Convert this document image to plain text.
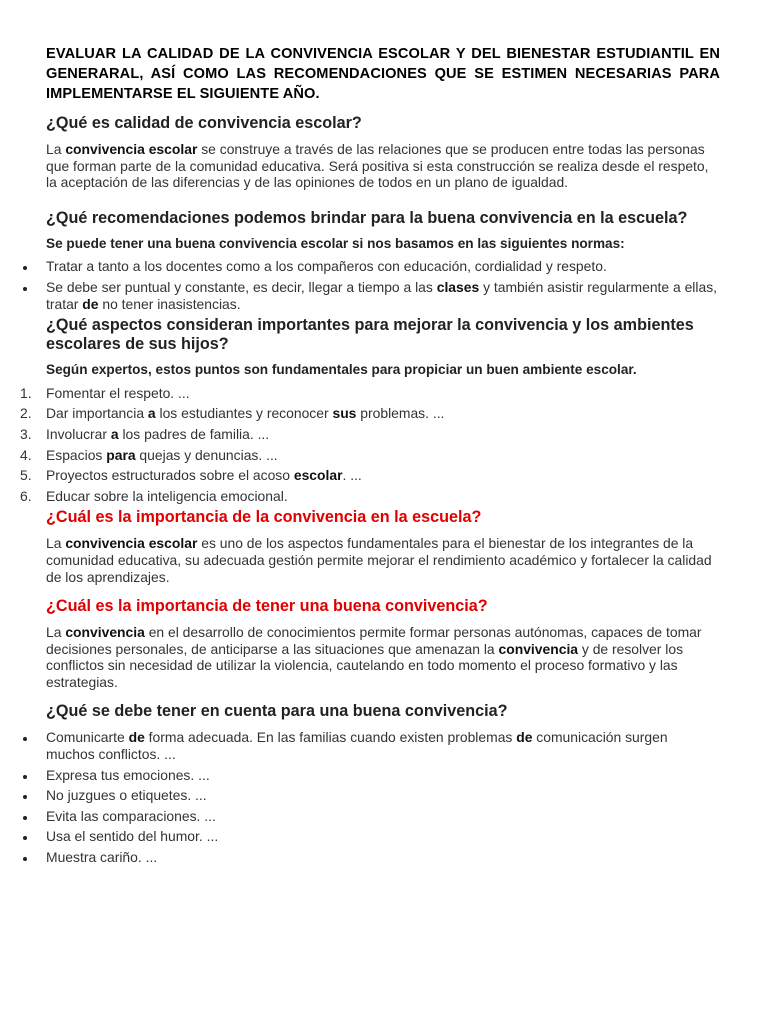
EVALUAR LA CALIDAD DE LA CONVIVENCIA ESCOLAR Y DEL BIENESTAR ESTUDIANTIL EN GENERARAL, ASÍ COMO LAS RECOMENDACIONES QUE SE ESTIMEN NECESARIAS PARA IMPLEMENTARSE EL SIGUIENTE AÑO.
¿Qué es calidad de convivencia escolar?

La convivencia escolar se construye a través de las relaciones que se producen entre todas las personas que forman parte de la comunidad educativa. Será positiva si esta construcción se realiza desde el respeto, la aceptación de las diferencias y de las opiniones de todos en un plano de igualdad.

¿Qué recomendaciones podemos brindar para la buena convivencia en la escuela?

Se puede tener una buena convivencia escolar si nos basamos en las siguientes normas:

Tratar a tanto a los docentes como a los compañeros con educación, cordialidad y respeto.
Se debe ser puntual y constante, es decir, llegar a tiempo a las clases y también asistir regularmente a ellas, tratar de no tener inasistencias.
¿Qué aspectos consideran importantes para mejorar la convivencia y los ambientes escolares de sus hijos?

Según expertos, estos puntos son fundamentales para propiciar un buen ambiente escolar.

1. Fomentar el respeto. ...
2. Dar importancia a los estudiantes y reconocer sus problemas. ...
3. Involucrar a los padres de familia. ...
4. Espacios para quejas y denuncias. ...
5. Proyectos estructurados sobre el acoso escolar. ...
6. Educar sobre la inteligencia emocional.
¿Cuál es la importancia de la convivencia en la escuela?

La convivencia escolar es uno de los aspectos fundamentales para el bienestar de los integrantes de la comunidad educativa, su adecuada gestión permite mejorar el rendimiento académico y fortalecer la calidad de los aprendizajes.

¿Cuál es la importancia de tener una buena convivencia?

La convivencia en el desarrollo de conocimientos permite formar personas autónomas, capaces de tomar decisiones personales, de anticiparse a las situaciones que amenazan la convivencia y de resolver los conflictos sin necesidad de utilizar la violencia, cautelando en todo momento el proceso formativo y las estrategias.

¿Qué se debe tener en cuenta para una buena convivencia?
Comunicarte de forma adecuada. En las familias cuando existen problemas de comunicación surgen muchos conflictos. ...
Expresa tus emociones. ...
No juzgues o etiquetes. ...
Evita las comparaciones. ...
Usa el sentido del humor. ...
Muestra cariño. ...
